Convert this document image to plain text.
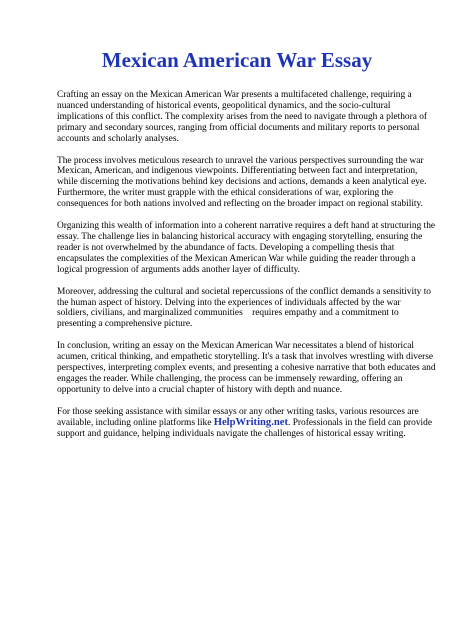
Mexican American War Essay

Crafting an essay on the Mexican American War presents a multifaceted challenge, requiring a
nuanced understanding of historical events, geopolitical dynamics, and the socio-cultural
implications of this conflict. The complexity arises from the need to navigate through a plethora of
primary and secondary sources, ranging from official documents and military reports to personal
accounts and scholarly analyses.

The process involves meticulous research to unravel the various perspectives surrounding the war
Mexican, American, and indigenous viewpoints. Differentiating between fact and interpretation,
while discerning the motivations behind key decisions and actions, demands a keen analytical eye.
Furthermore, the writer must grapple with the ethical considerations of war, exploring the
consequences for both nations involved and reflecting on the broader impact on regional stability.

Organizing this wealth of information into a coherent narrative requires a deft hand at structuring the
essay. The challenge lies in balancing historical accuracy with engaging storytelling, ensuring the
reader is not overwhelmed by the abundance of facts. Developing a compelling thesis that
encapsulates the complexities of the Mexican American War while guiding the reader through a
logical progression of arguments adds another layer of difficulty.

Moreover, addressing the cultural and societal repercussions of the conflict demands a sensitivity to
the human aspect of history. Delving into the experiences of individuals affected by the war
soldiers, civilians, and marginalized communities    requires empathy and a commitment to
presenting a comprehensive picture.

In conclusion, writing an essay on the Mexican American War necessitates a blend of historical
acumen, critical thinking, and empathetic storytelling. It's a task that involves wrestling with diverse
perspectives, interpreting complex events, and presenting a cohesive narrative that both educates and
engages the reader. While challenging, the process can be immensely rewarding, offering an
opportunity to delve into a crucial chapter of history with depth and nuance.

For those seeking assistance with similar essays or any other writing tasks, various resources are
available, including online platforms like HelpWriting.net. Professionals in the field can provide
support and guidance, helping individuals navigate the challenges of historical essay writing.
